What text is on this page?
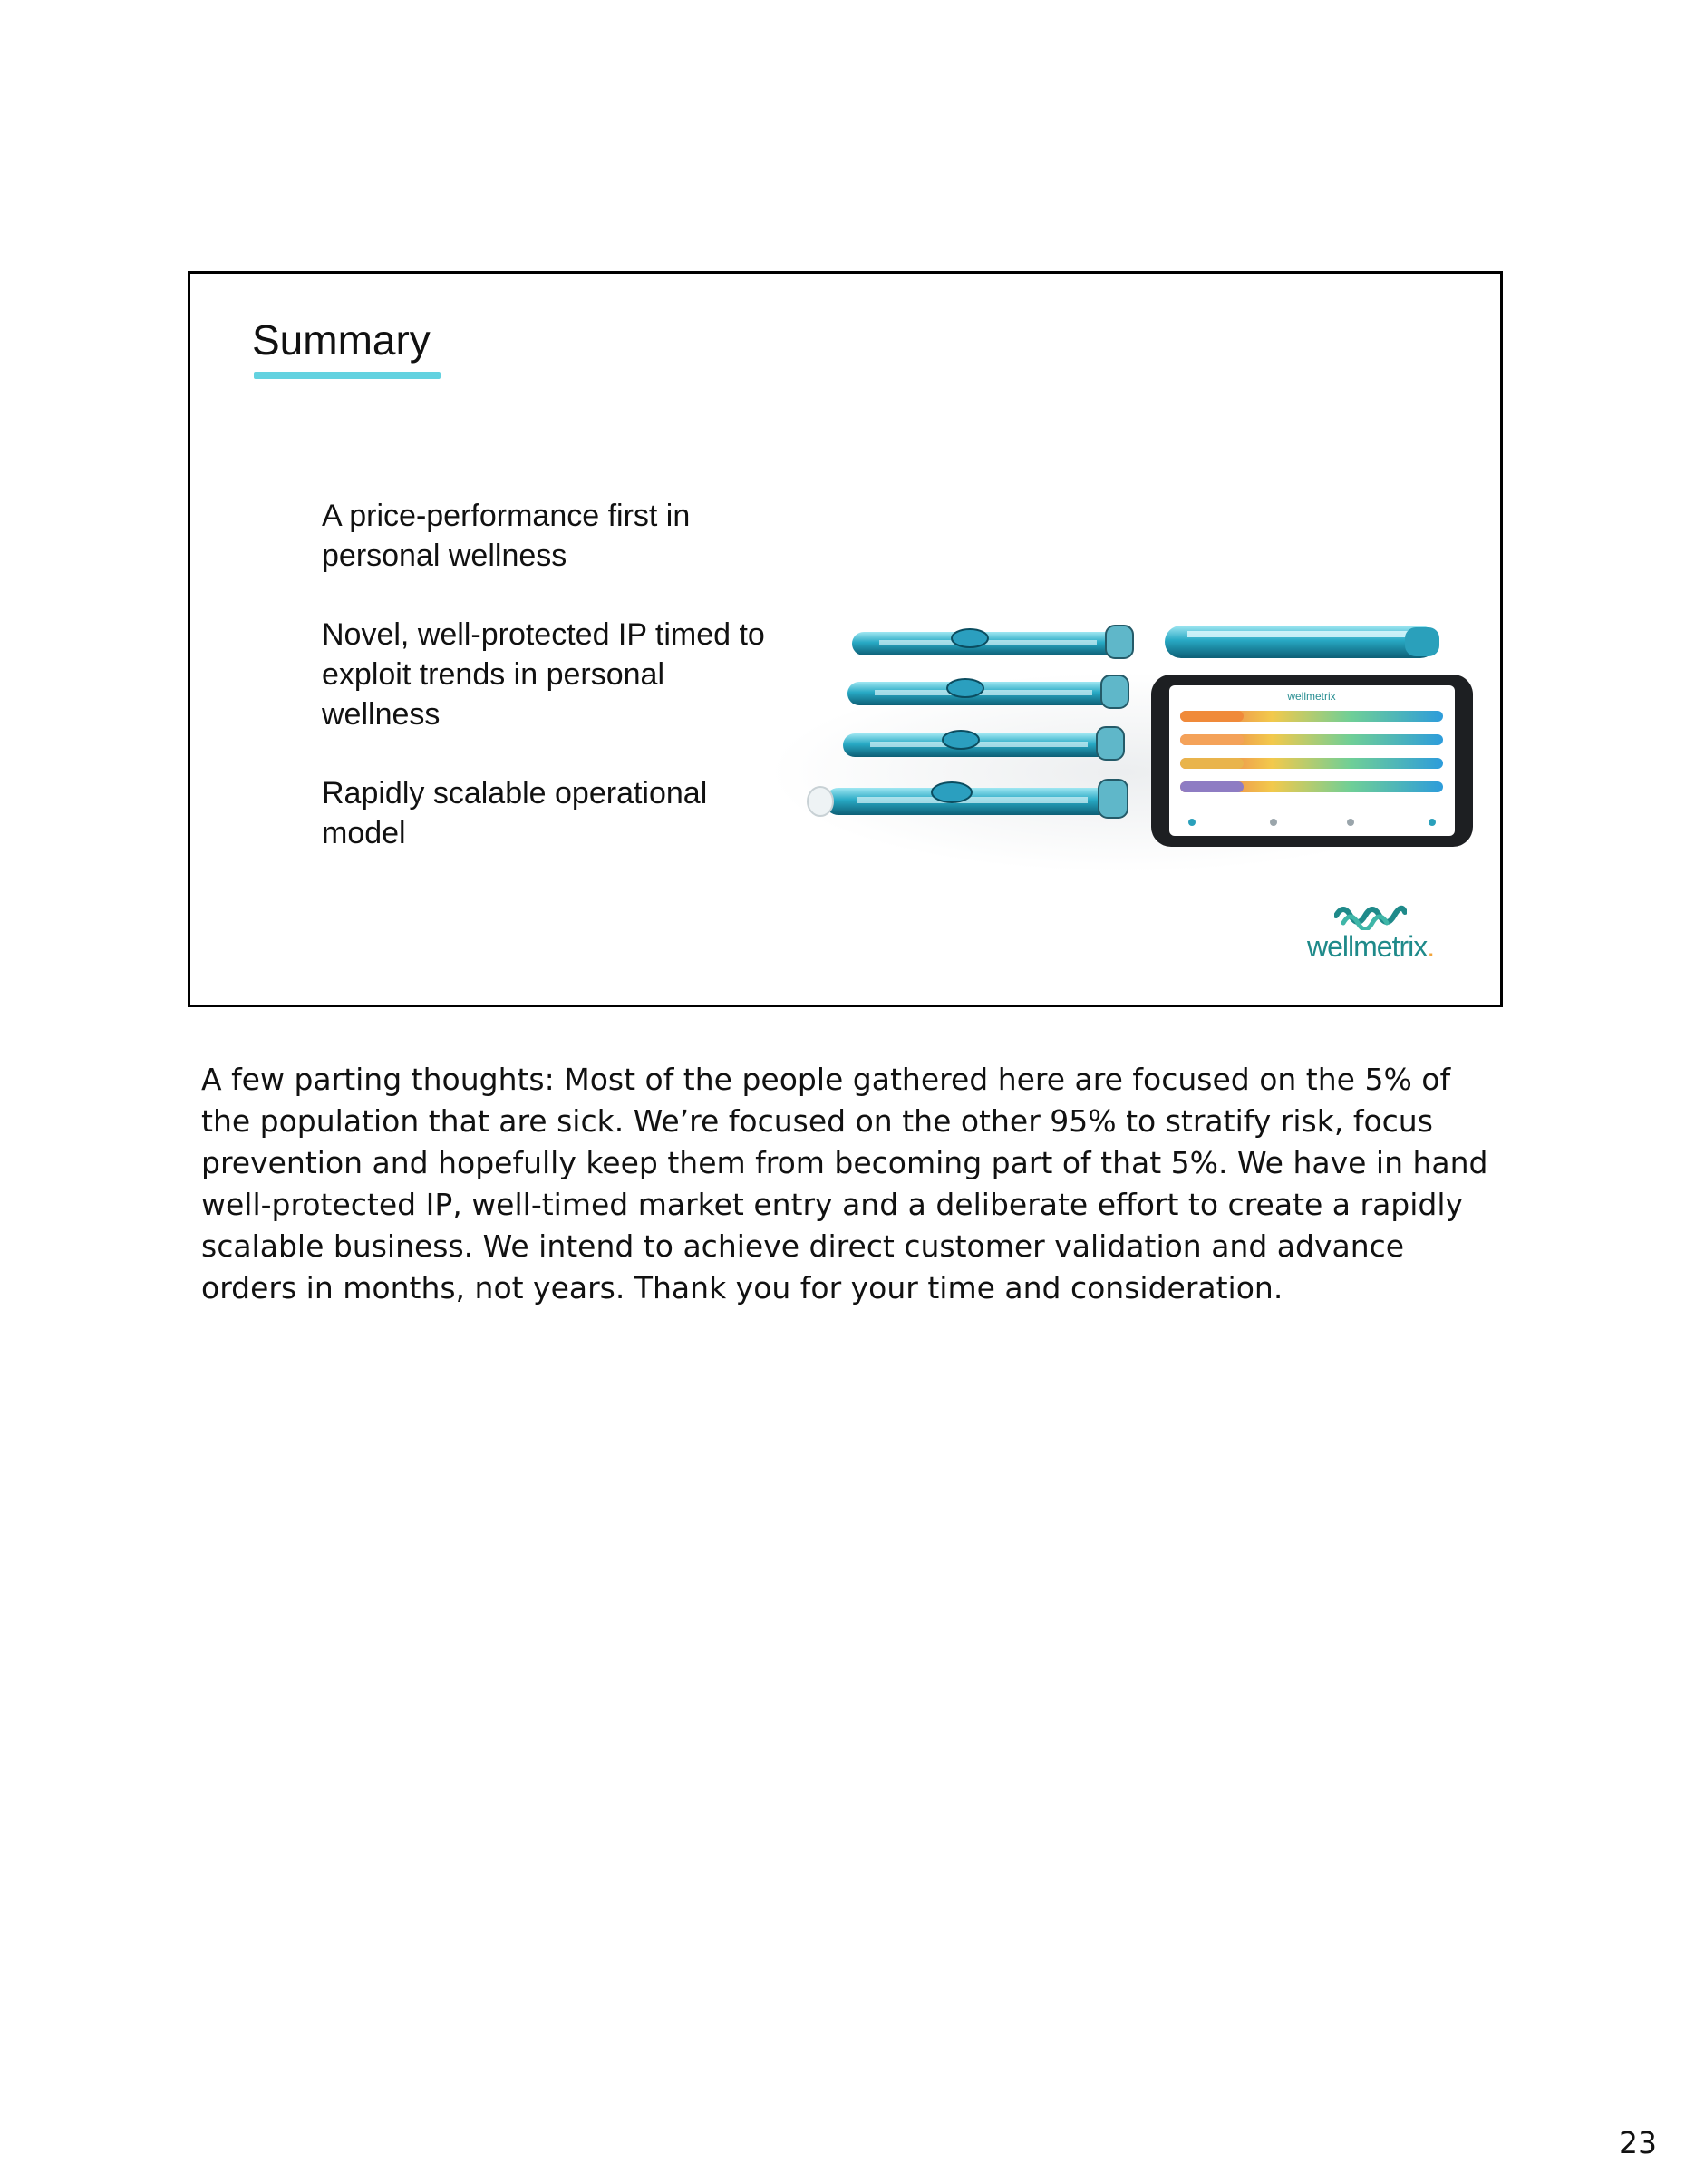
Summary

A price-performance first in personal wellness

Novel, well-protected IP timed to exploit trends in personal wellness

Rapidly scalable operational model

wellmetrix
wellmetrix.

A few parting thoughts: Most of the people gathered here are focused on the 5% of the population that are sick. We’re focused on the other 95% to stratify risk, focus prevention and hopefully keep them from becoming part of that 5%. We have in hand well-protected IP, well-timed market entry and a deliberate effort to create a rapidly scalable business. We intend to achieve direct customer validation and advance orders in months, not years. Thank you for your time and consideration.

23
